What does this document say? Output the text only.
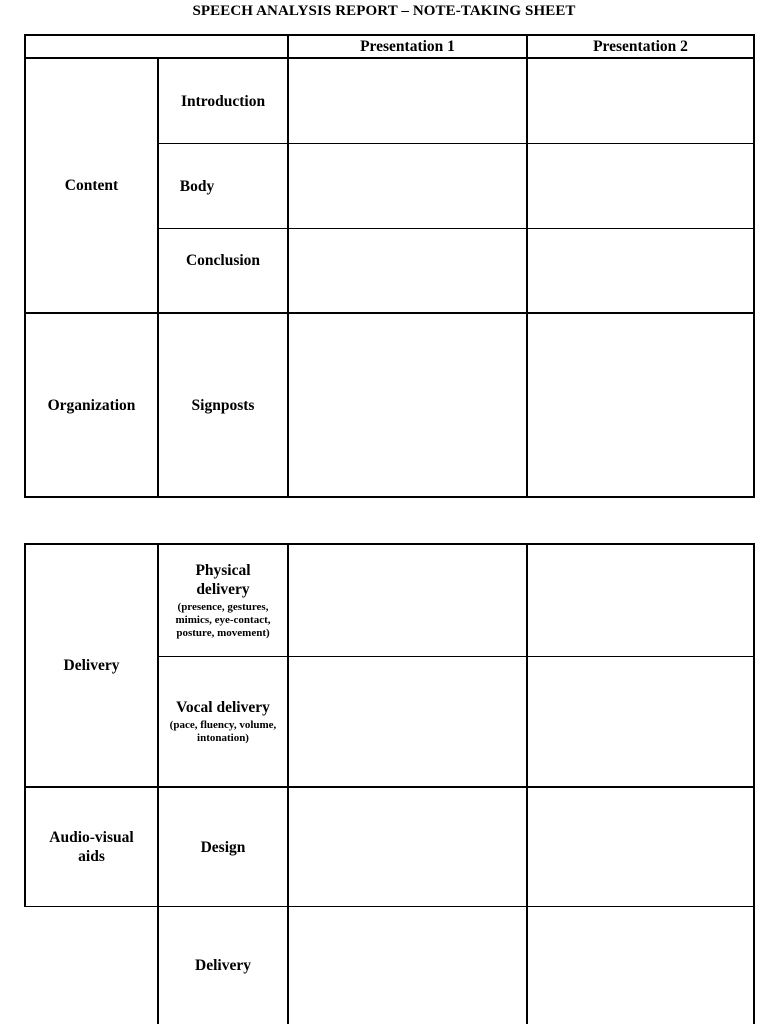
SPEECH ANALYSIS REPORT – NOTE-TAKING SHEET
Presentation 1	Presentation 2
Content
Introduction
Body
Conclusion
Organization	Signposts
Delivery
Physical delivery
(presence, gestures, mimics, eye-contact, posture, movement)
Vocal delivery
(pace, fluency, volume, intonation)
Audio-visual aids
Design
Delivery
